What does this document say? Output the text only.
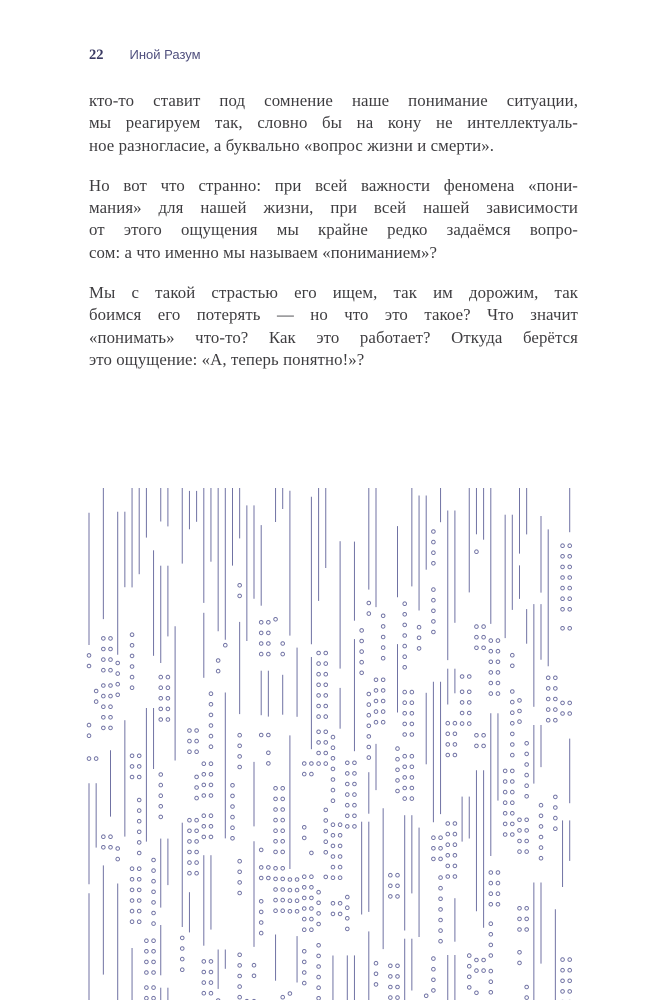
22 Иной Разум
кто-то ставит под сомнение наше понимание ситуации,
мы реагируем так, словно бы на кону не интеллектуаль-
ное разногласие, а буквально «вопрос жизни и смерти».
Но вот что странно: при всей важности феномена «пони-
мания» для нашей жизни, при всей нашей зависимости
от этого ощущения мы крайне редко задаёмся вопро-
сом: а что именно мы называем «пониманием»?
Мы с такой страстью его ищем, так им дорожим, так
боимся его потерять — но что это такое? Что значит
«понимать» что-то? Как это работает? Откуда берётся
это ощущение: «А, теперь понятно!»?
